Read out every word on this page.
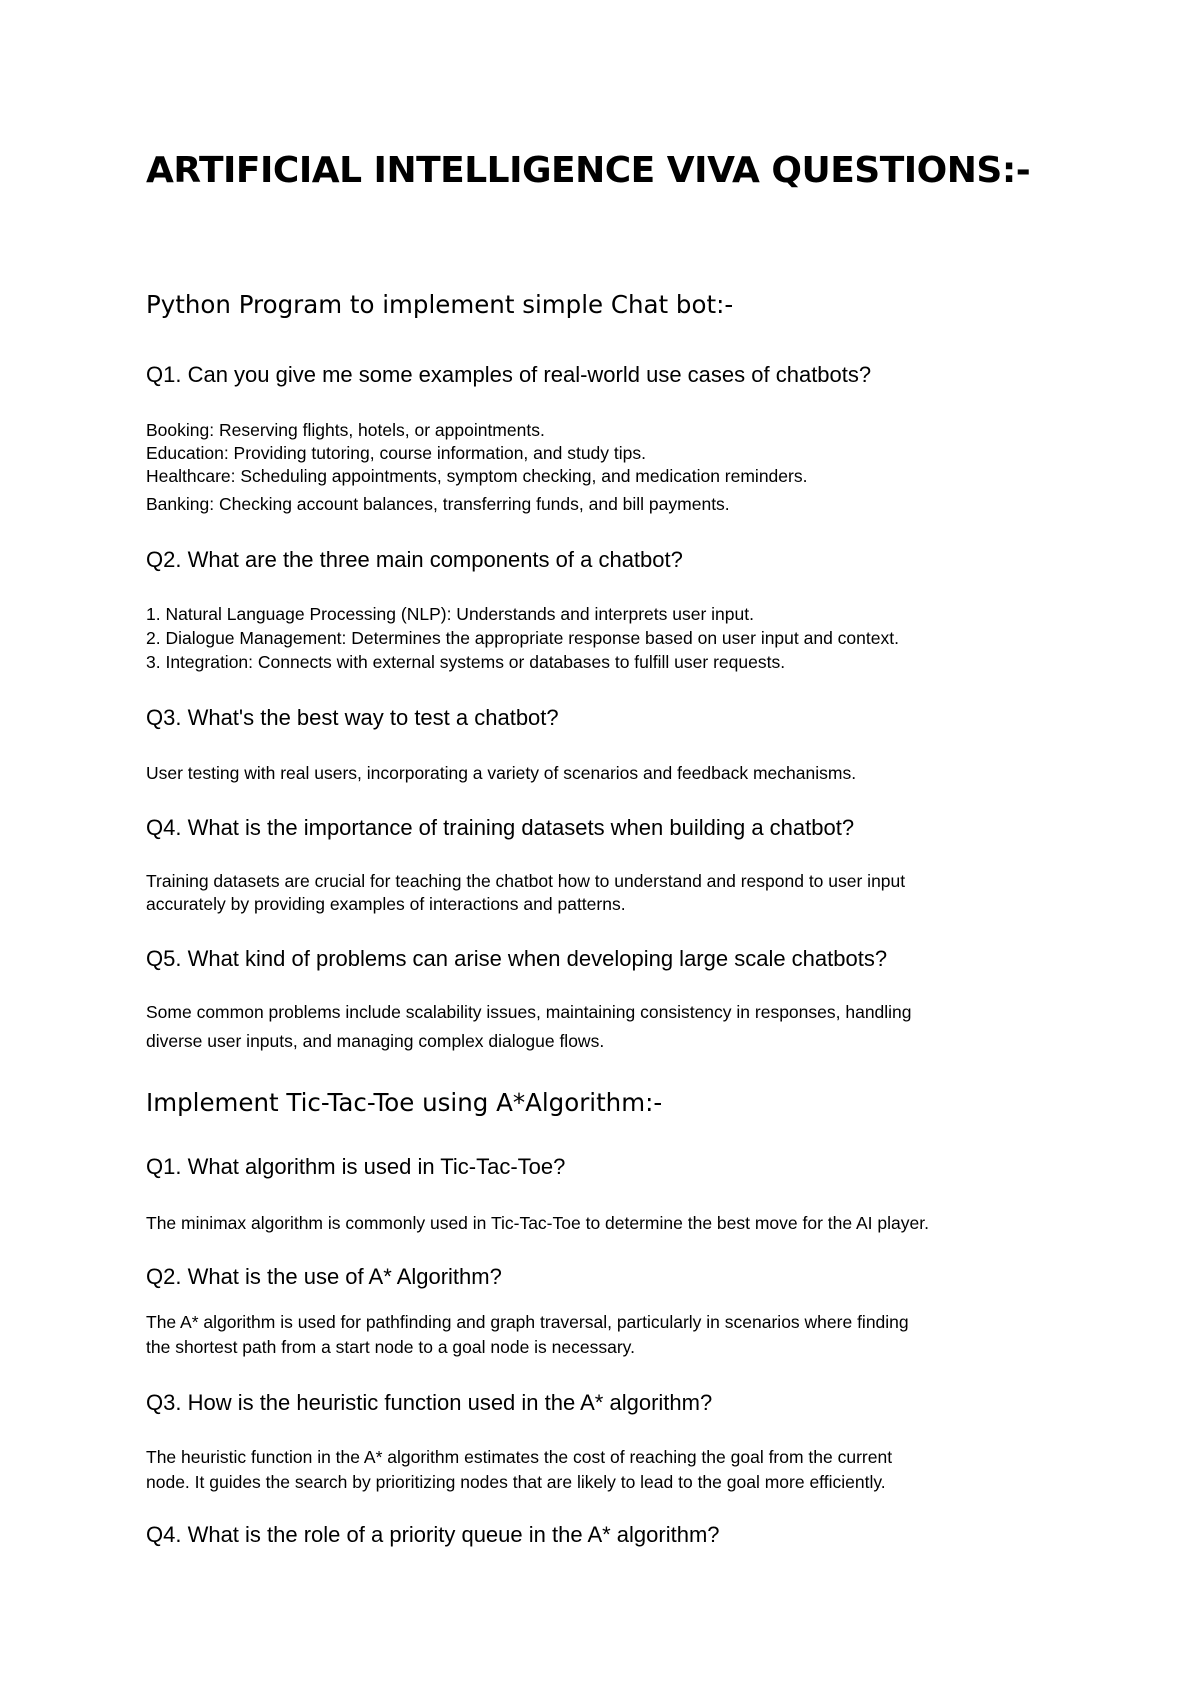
ARTIFICIAL INTELLIGENCE VIVA QUESTIONS:-
Python Program to implement simple Chat bot:-

Q1. Can you give me some examples of real-world use cases of chatbots?

Booking: Reserving flights, hotels, or appointments.

Education: Providing tutoring, course information, and study tips.

Healthcare: Scheduling appointments, symptom checking, and medication reminders.

Banking: Checking account balances, transferring funds, and bill payments.

Q2. What are the three main components of a chatbot?

1. Natural Language Processing (NLP): Understands and interprets user input.

2. Dialogue Management: Determines the appropriate response based on user input and context.

3. Integration: Connects with external systems or databases to fulfill user requests.

Q3. What's the best way to test a chatbot?

User testing with real users, incorporating a variety of scenarios and feedback mechanisms.

Q4. What is the importance of training datasets when building a chatbot?

Training datasets are crucial for teaching the chatbot how to understand and respond to user input

accurately by providing examples of interactions and patterns.

Q5. What kind of problems can arise when developing large scale chatbots?

Some common problems include scalability issues, maintaining consistency in responses, handling

diverse user inputs, and managing complex dialogue flows.

Implement Tic-Tac-Toe using A*Algorithm:-

Q1. What algorithm is used in Tic-Tac-Toe?

The minimax algorithm is commonly used in Tic-Tac-Toe to determine the best move for the AI player.

Q2. What is the use of A* Algorithm?

The A* algorithm is used for pathfinding and graph traversal, particularly in scenarios where finding

the shortest path from a start node to a goal node is necessary.

Q3. How is the heuristic function used in the A* algorithm?

The heuristic function in the A* algorithm estimates the cost of reaching the goal from the current

node. It guides the search by prioritizing nodes that are likely to lead to the goal more efficiently.

Q4. What is the role of a priority queue in the A* algorithm?
